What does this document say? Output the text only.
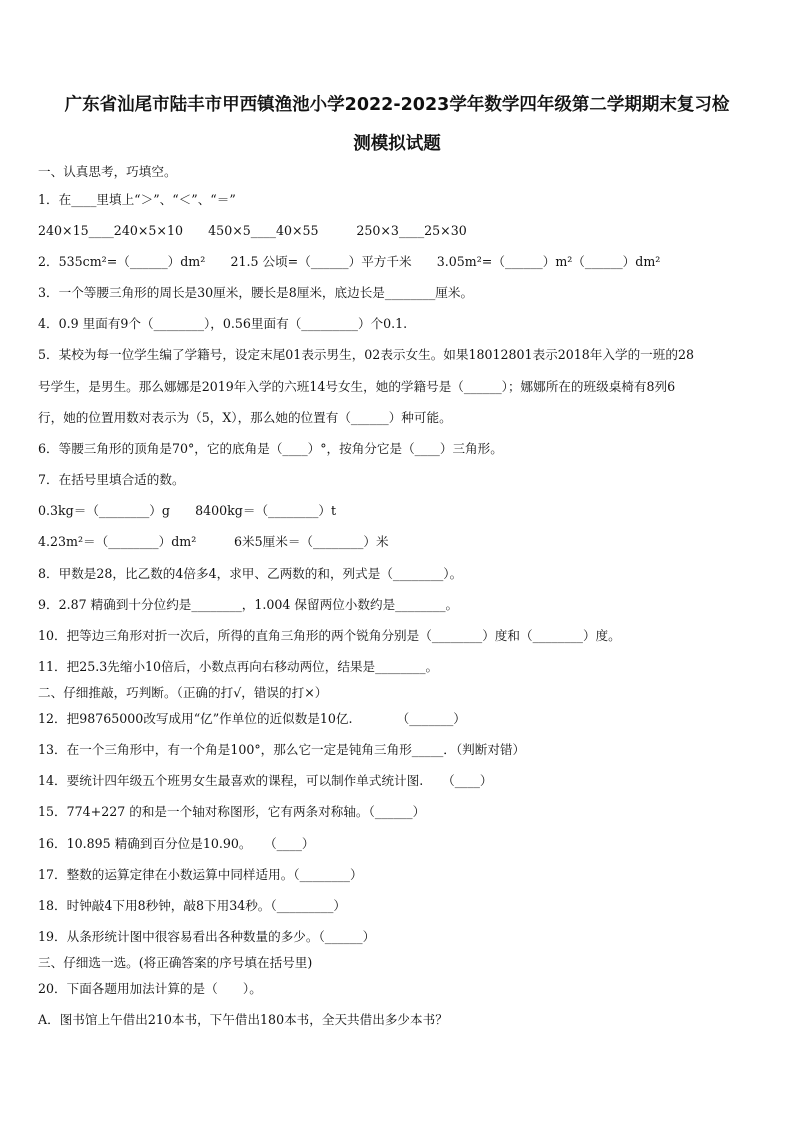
广东省汕尾市陆丰市甲西镇渔池小学2022-2023学年数学四年级第二学期期末复习检
测模拟试题
一、认真思考，巧填空。
1．在____里填上“＞”、“＜”、“＝”
240×15____240×5×10　　450×5____40×55　　　250×3____25×30
2．535cm²=（______）dm²　　21.5 公顷=（______）平方千米　　3.05m²=（______）m²（______）dm²
3．一个等腰三角形的周长是30厘米，腰长是8厘米，底边长是________厘米。
4．0.9 里面有9个（________），0.56里面有（_________）个0.1.
5．某校为每一位学生编了学籍号，设定末尾01表示男生，02表示女生。如果18012801表示2018年入学的一班的28
号学生，是男生。那么娜娜是2019年入学的六班14号女生，她的学籍号是（______）；娜娜所在的班级桌椅有8列6
行，她的位置用数对表示为（5，X），那么她的位置有（______）种可能。
6．等腰三角形的顶角是70°，它的底角是（____）°，按角分它是（____）三角形。
7．在括号里填合适的数。
0.3kg＝（________）g　　8400kg＝（________）t
4.23m²＝（________）dm²　　　6米5厘米＝（________）米
8．甲数是28，比乙数的4倍多4，求甲、乙两数的和，列式是（________）。
9．2.87 精确到十分位约是________，1.004 保留两位小数约是________。
10．把等边三角形对折一次后，所得的直角三角形的两个锐角分别是（________）度和（________）度。
11．把25.3先缩小10倍后，小数点再向右移动两位，结果是________。
二、仔细推敲，巧判断。（正确的打√，错误的打×）
12．把98765000改写成用“亿”作单位的近似数是10亿.　　　　（_______）
13．在一个三角形中，有一个角是100°，那么它一定是钝角三角形_____．（判断对错）
14．要统计四年级五个班男女生最喜欢的课程，可以制作单式统计图.　　（____）
15．774+227 的和是一个轴对称图形，它有两条对称轴。（______）
16．10.895 精确到百分位是10.90。　　（____）
17．整数的运算定律在小数运算中同样适用。（________）
18．时钟敲4下用8秒钟，敲8下用34秒。（_________）
19．从条形统计图中很容易看出各种数量的多少。（______）
三、仔细选一选。(将正确答案的序号填在括号里)
20．下面各题用加法计算的是（　　）。
A．图书馆上午借出210本书，下午借出180本书，全天共借出多少本书？
